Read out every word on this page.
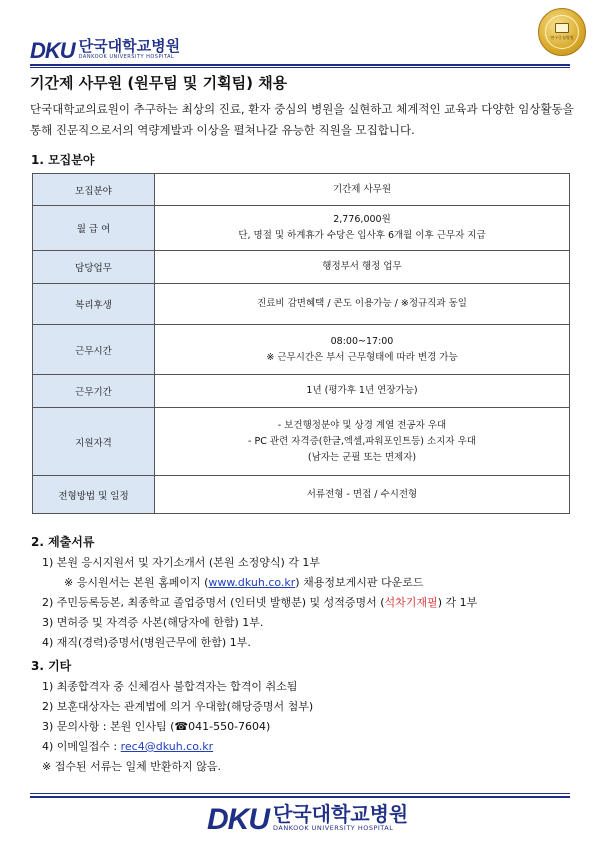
DKU 단국대학교병원
DANKOOK UNIVERSITY HOSPITAL
연구중심병원
기간제 사무원 (원무팀 및 기획팀) 채용

단국대학교의료원이 추구하는 최상의 진료, 환자 중심의 병원을 실현하고 체계적인 교육과 다양한 임상활동을 통해 진문직으로서의 역량계발과 이상을 펼쳐나갈 유능한 직원을 모집합니다.

1. 모집분야
모집분야	기간제 사무원

월 급 여	2,776,000원
단, 명절 및 하계휴가 수당은 입사후 6개월 이후 근무자 지급

담당업무	행정부서 행정 업무

복리후생	진료비 감면혜택 / 콘도 이용가능 / ※정규직과 동일

근무시간	08:00~17:00
※ 근무시간은 부서 근무형태에 따라 변경 가능

근무기간	1년 (평가후 1년 연장가능)

지원자격	- 보건행정분야 및 상경 계열 전공자 우대
- PC 관련 자격증(한글,엑셀,파워포인트등) 소지자 우대
(남자는 군필 또는 면제자)

전형방법 및 일정	서류전형 - 면접 / 수시전형
2. 제출서류
1) 본원 응시지원서 및 자기소개서 (본원 소정양식) 각 1부
※ 응시원서는 본원 홈페이지 (www.dkuh.co.kr) 채용정보게시판 다운로드
2) 주민등록등본, 최종학교 졸업증명서 (인터넷 발행분) 및 성적증명서 (석차기재필) 각 1부
3) 면허증 및 자격증 사본(해당자에 한함) 1부.
4) 재직(경력)증명서(병원근무에 한함) 1부.
3. 기타
1) 최종합격자 중 신체검사 불합격자는 합격이 취소됨
2) 보훈대상자는 관계법에 의거 우대함(해당증명서 첨부)
3) 문의사항 : 본원 인사팀 (☎041-550-7604)
4) 이메일접수 : rec4@dkuh.co.kr
※ 접수된 서류는 일체 반환하지 않음.
DKU 단국대학교병원
DANKOOK UNIVERSITY HOSPITAL
